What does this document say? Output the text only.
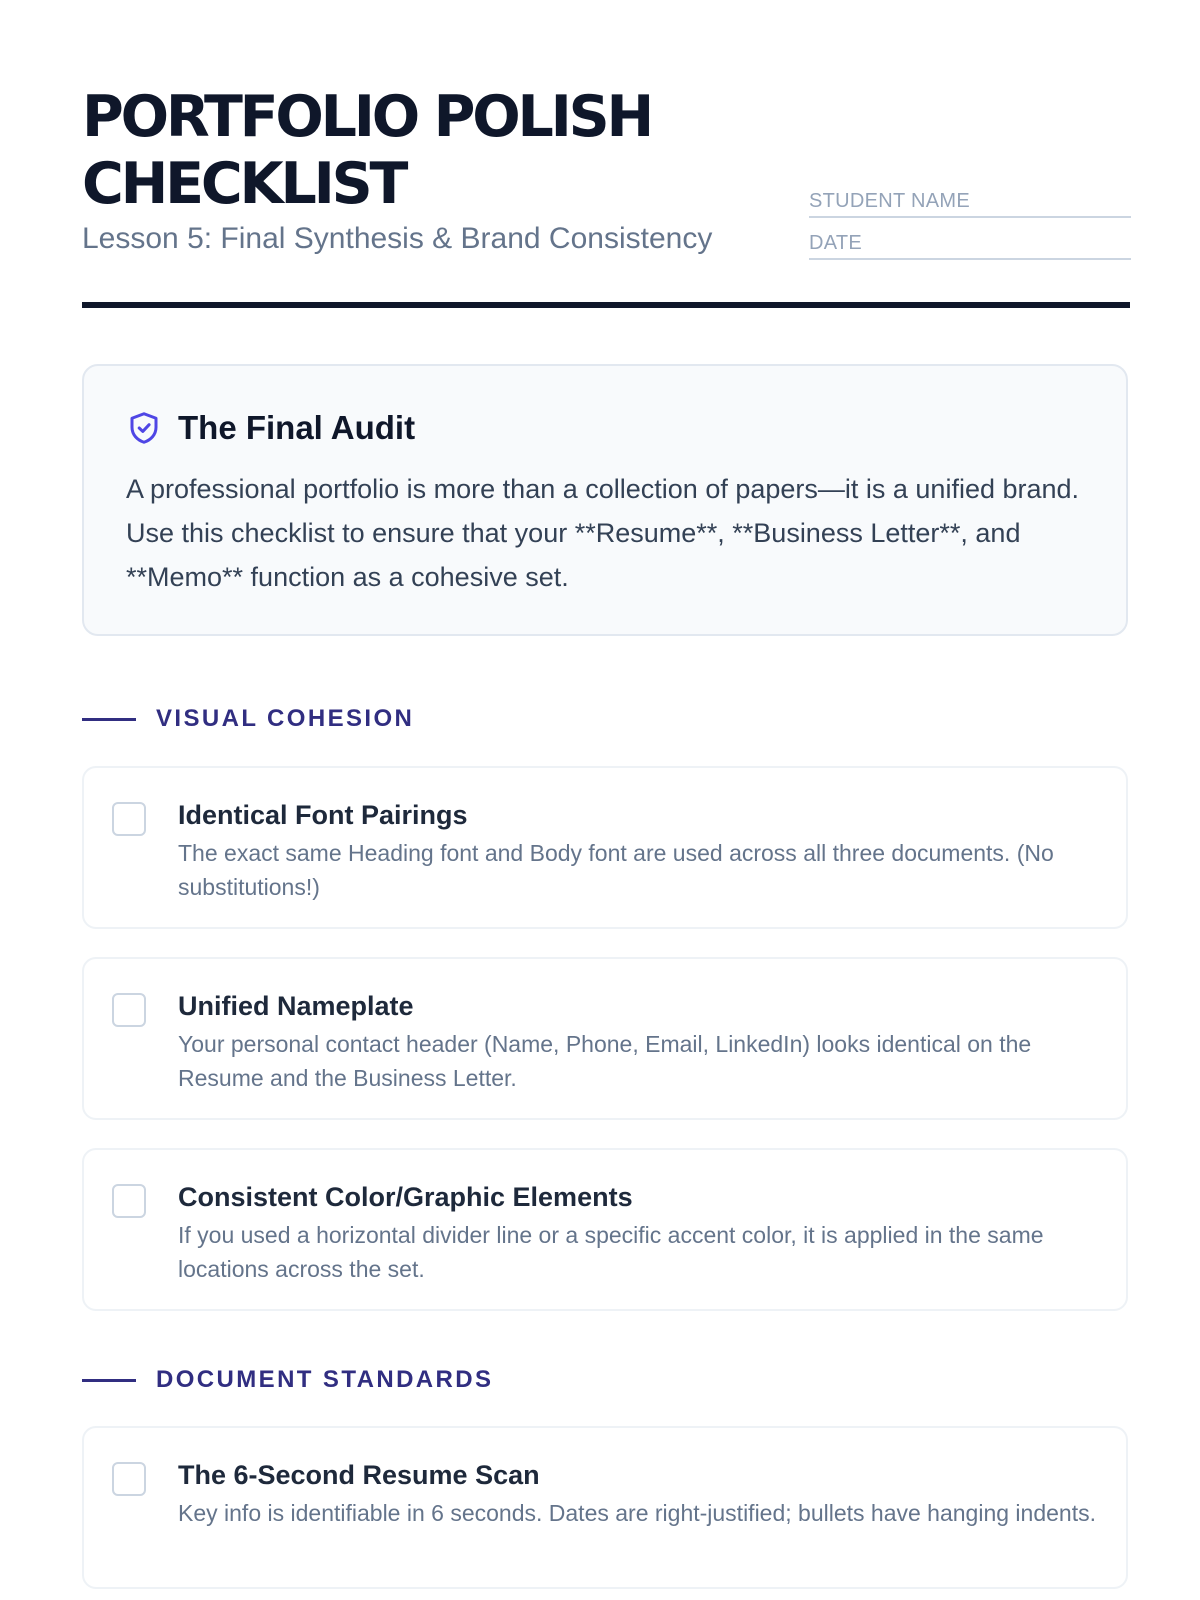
PORTFOLIO POLISH CHECKLIST
Lesson 5: Final Synthesis & Brand Consistency
STUDENT NAME
DATE
The Final Audit

A professional portfolio is more than a collection of papers—it is a unified brand. Use this checklist to ensure that your **Resume**, **Business Letter**, and **Memo** function as a cohesive set.

VISUAL COHESION
Identical Font Pairings

The exact same Heading font and Body font are used across all three documents. (No substitutions!)

Unified Nameplate

Your personal contact header (Name, Phone, Email, LinkedIn) looks identical on the Resume and the Business Letter.

Consistent Color/Graphic Elements

If you used a horizontal divider line or a specific accent color, it is applied in the same locations across the set.

DOCUMENT STANDARDS
The 6-Second Resume Scan

Key info is identifiable in 6 seconds. Dates are right-justified; bullets have hanging indents.
